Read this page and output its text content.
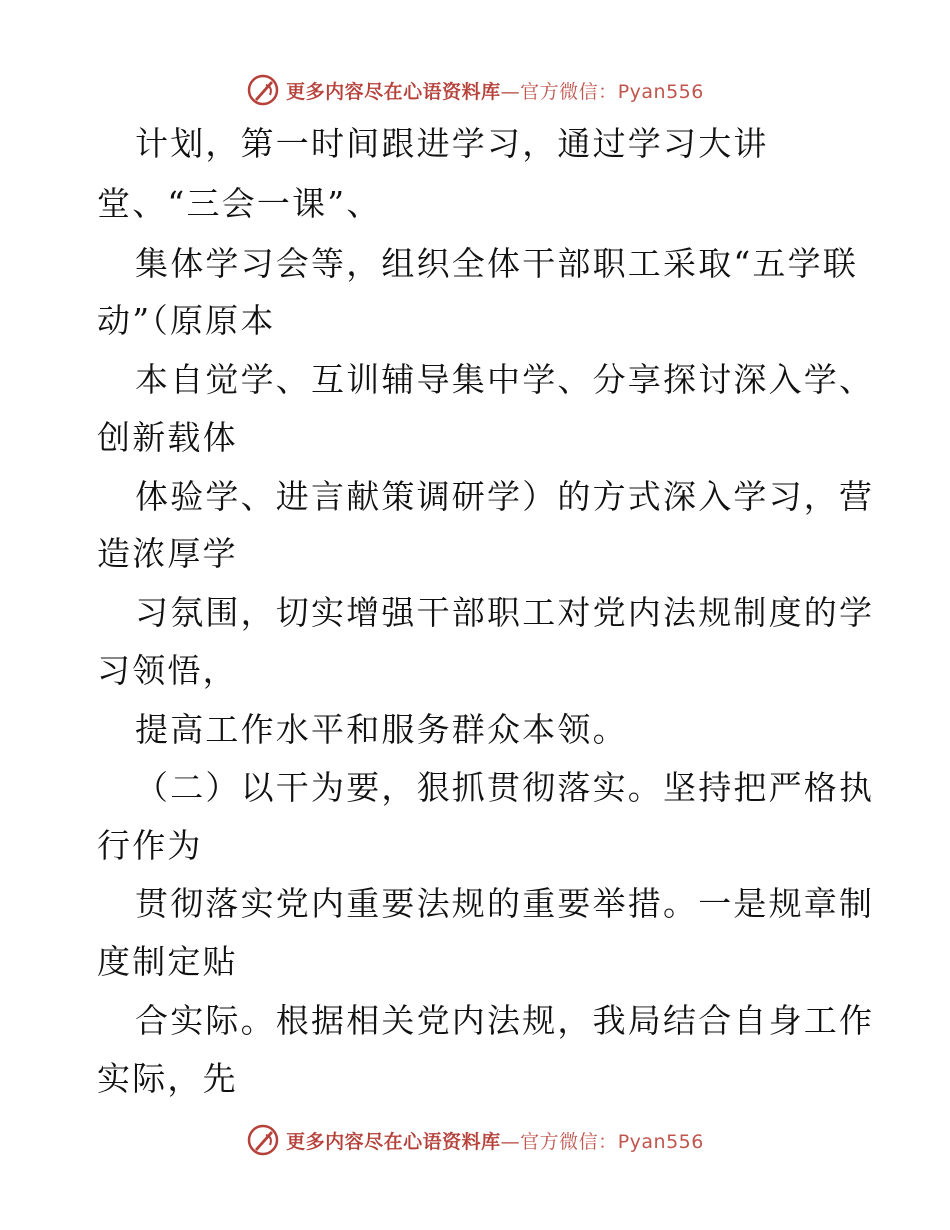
更多内容尽在心语资料库—官方微信：Pyan556
计划，第一时间跟进学习，通过学习大讲
堂、“三会一课”、
集体学习会等，组织全体干部职工采取“五学联
动”（原原本
本自觉学、互训辅导集中学、分享探讨深入学、
创新载体
体验学、进言献策调研学）的方式深入学习，营
造浓厚学
习氛围，切实增强干部职工对党内法规制度的学
习领悟，
提高工作水平和服务群众本领。
（二）以干为要，狠抓贯彻落实。坚持把严格执
行作为
贯彻落实党内重要法规的重要举措。一是规章制
度制定贴
合实际。根据相关党内法规，我局结合自身工作
实际，先
更多内容尽在心语资料库—官方微信：Pyan556
